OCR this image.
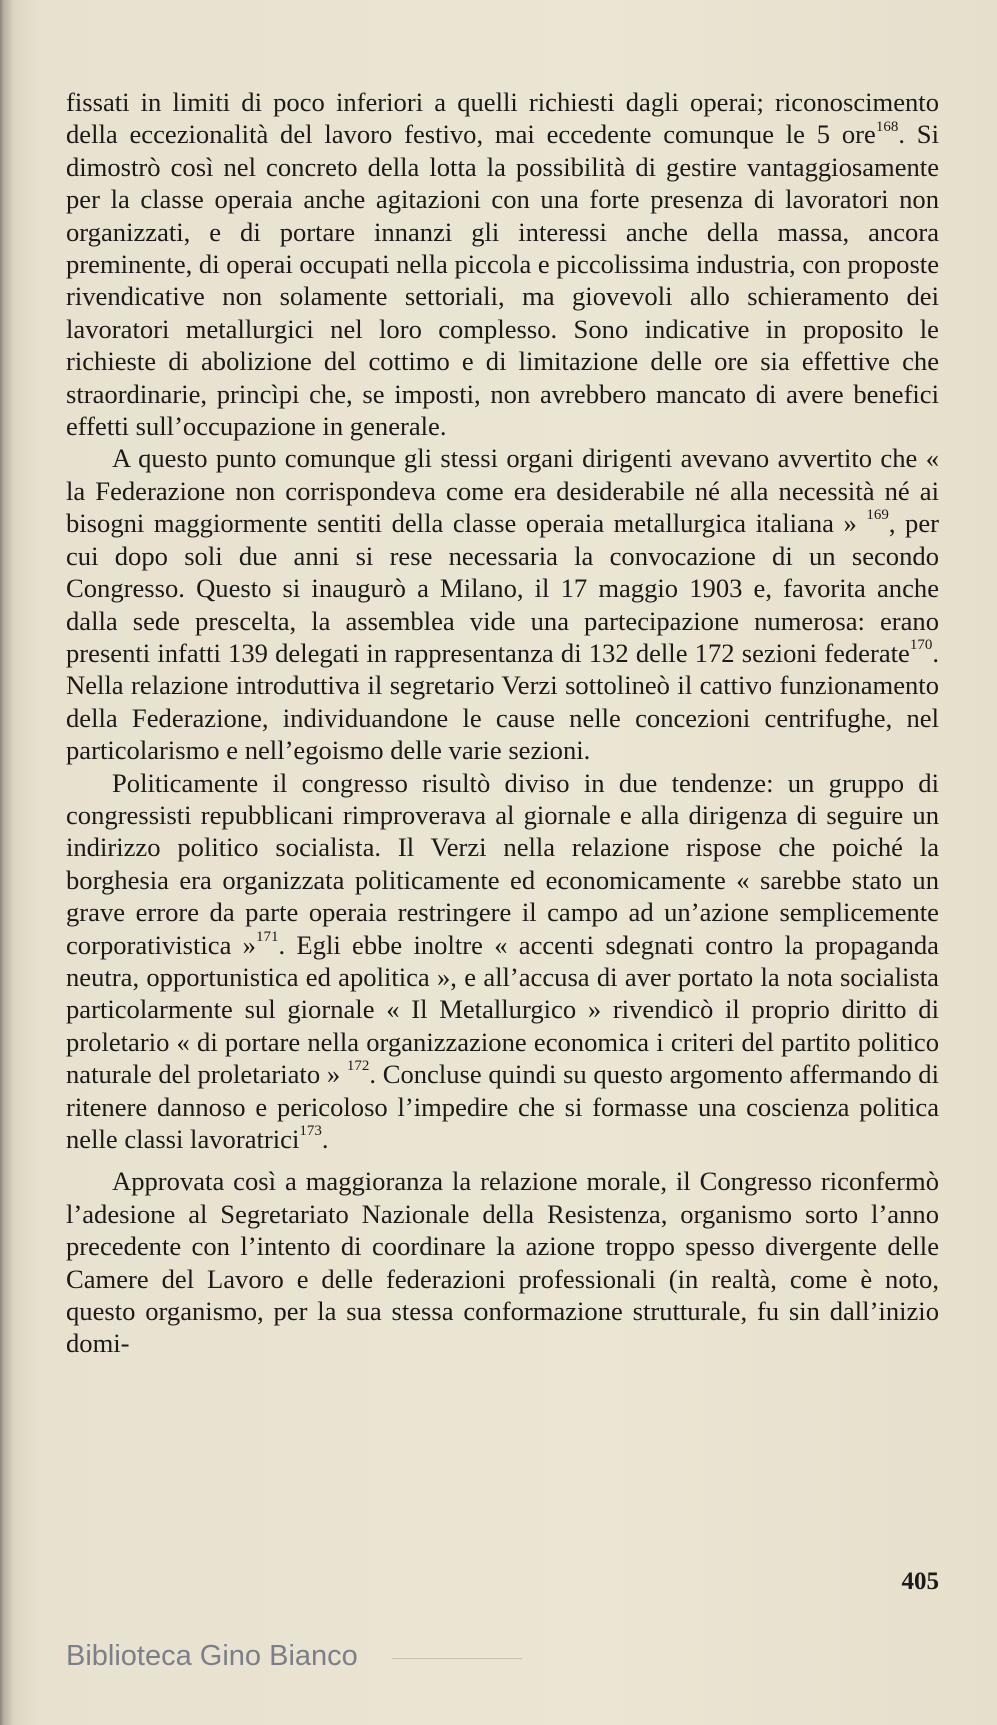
fissati in limiti di poco inferiori a quelli richiesti dagli operai; riconoscimento della eccezionalità del lavoro festivo, mai eccedente comunque le 5 ore$^{168}$. Si dimostrò così nel concreto della lotta la possibilità di gestire vantaggiosamente per la classe operaia anche agitazioni con una forte presenza di lavoratori non organizzati, e di portare innanzi gli interessi anche della massa, ancora preminente, di operai occupati nella piccola e piccolissima industria, con proposte rivendicative non solamente settoriali, ma giovevoli allo schieramento dei lavoratori metallurgici nel loro complesso. Sono indicative in proposito le richieste di abolizione del cottimo e di limitazione delle ore sia effettive che straordinarie, princìpi che, se imposti, non avrebbero mancato di avere benefici effetti sull’occupazione in generale.

A questo punto comunque gli stessi organi dirigenti avevano avvertito che « la Federazione non corrispondeva come era desiderabile né alla necessità né ai bisogni maggiormente sentiti della classe operaia metallurgica italiana » $^{169}$, per cui dopo soli due anni si rese necessaria la convocazione di un secondo Congresso. Questo si inaugurò a Milano, il 17 maggio 1903 e, favorita anche dalla sede prescelta, la assemblea vide una partecipazione numerosa: erano presenti infatti 139 delegati in rappresentanza di 132 delle 172 sezioni federate$^{170}$. Nella relazione introduttiva il segretario Verzi sottolineò il cattivo funzionamento della Federazione, individuandone le cause nelle concezioni centrifughe, nel particolarismo e nell’egoismo delle varie sezioni.

Politicamente il congresso risultò diviso in due tendenze: un gruppo di congressisti repubblicani rimproverava al giornale e alla dirigenza di seguire un indirizzo politico socialista. Il Verzi nella relazione rispose che poiché la borghesia era organizzata politicamente ed economicamente « sarebbe stato un grave errore da parte operaia restringere il campo ad un’azione semplicemente corporativistica »$^{171}$. Egli ebbe inoltre « accenti sdegnati contro la propaganda neutra, opportunistica ed apolitica », e all’accusa di aver portato la nota socialista particolarmente sul giornale « Il Metallurgico » rivendicò il proprio diritto di proletario « di portare nella organizzazione economica i criteri del partito politico naturale del proletariato » $^{172}$. Concluse quindi su questo argomento affermando di ritenere dannoso e pericoloso l’impedire che si formasse una coscienza politica nelle classi lavoratrici$^{173}$.

Approvata così a maggioranza la relazione morale, il Congresso riconfermò l’adesione al Segretariato Nazionale della Resistenza, organismo sorto l’anno precedente con l’intento di coordinare la azione troppo spesso divergente delle Camere del Lavoro e delle federazioni professionali (in realtà, come è noto, questo organismo, per la sua stessa conformazione strutturale, fu sin dall’inizio domi-

405
Biblioteca Gino Bianco
